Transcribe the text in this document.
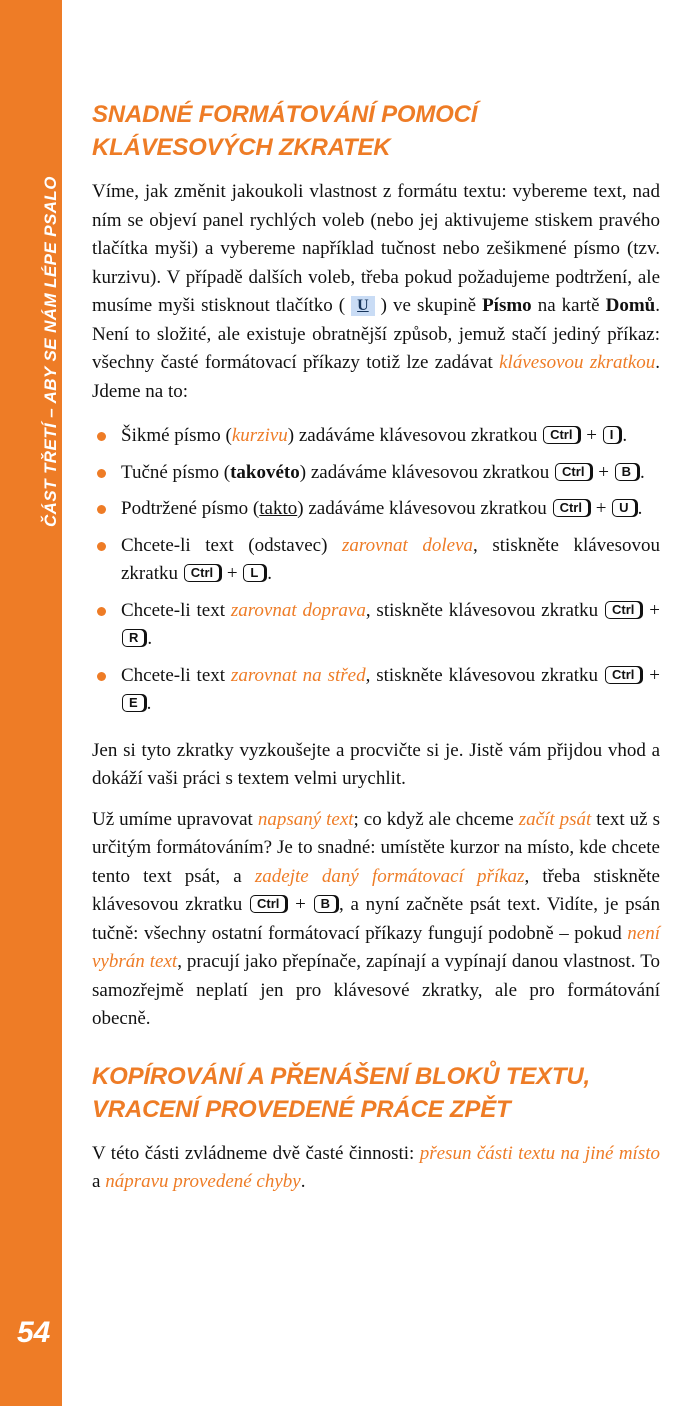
ČÁST TŘETÍ – ABY SE NÁM LÉPE PSALO
54
SNADNÉ FORMÁTOVÁNÍ POMOCÍ KLÁVESOVÝCH ZKRATEK

Víme, jak změnit jakoukoli vlastnost z formátu textu: vybereme text, nad ním se objeví panel rychlých voleb (nebo jej aktivujeme stiskem pravého tlačítka myši) a vybereme například tučnost nebo zešikmené písmo (tzv. kurzivu). V případě dalších voleb, třeba pokud požadujeme podtržení, ale musíme myši stisknout tlačítko ( U ) ve skupině Písmo na kartě Domů. Není to složité, ale existuje obratnější způsob, jemuž stačí jediný příkaz: všechny časté formátovací příkazy totiž lze zadávat klávesovou zkratkou. Jdeme na to:

Šikmé písmo (kurzivu) zadáváme klávesovou zkratkou Ctrl + I .
Tučné písmo (takovéto) zadáváme klávesovou zkratkou Ctrl + B .
Podtržené písmo (takto) zadáváme klávesovou zkratkou Ctrl + U .
Chcete-li text (odstavec) zarovnat doleva, stiskněte klávesovou zkratku Ctrl + L .
Chcete-li text zarovnat doprava, stiskněte klávesovou zkratku Ctrl + R .
Chcete-li text zarovnat na střed, stiskněte klávesovou zkratku Ctrl + E .

Jen si tyto zkratky vyzkoušejte a procvičte si je. Jistě vám přijdou vhod a dokáží vaši práci s textem velmi urychlit.

Už umíme upravovat napsaný text; co když ale chceme začít psát text už s určitým formátováním? Je to snadné: umístěte kurzor na místo, kde chcete tento text psát, a zadejte daný formátovací příkaz, třeba stiskněte klávesovou zkratku Ctrl + B , a nyní začněte psát text. Vidíte, je psán tučně: všechny ostatní formátovací příkazy fungují podobně – pokud není vybrán text, pracují jako přepínače, zapínají a vypínají danou vlastnost. To samozřejmě neplatí jen pro klávesové zkratky, ale pro formátování obecně.

KOPÍROVÁNÍ A PŘENÁŠENÍ BLOKŮ TEXTU, VRACENÍ PROVEDENÉ PRÁCE ZPĚT

V této části zvládneme dvě časté činnosti: přesun části textu na jiné místo a nápravu provedené chyby.
